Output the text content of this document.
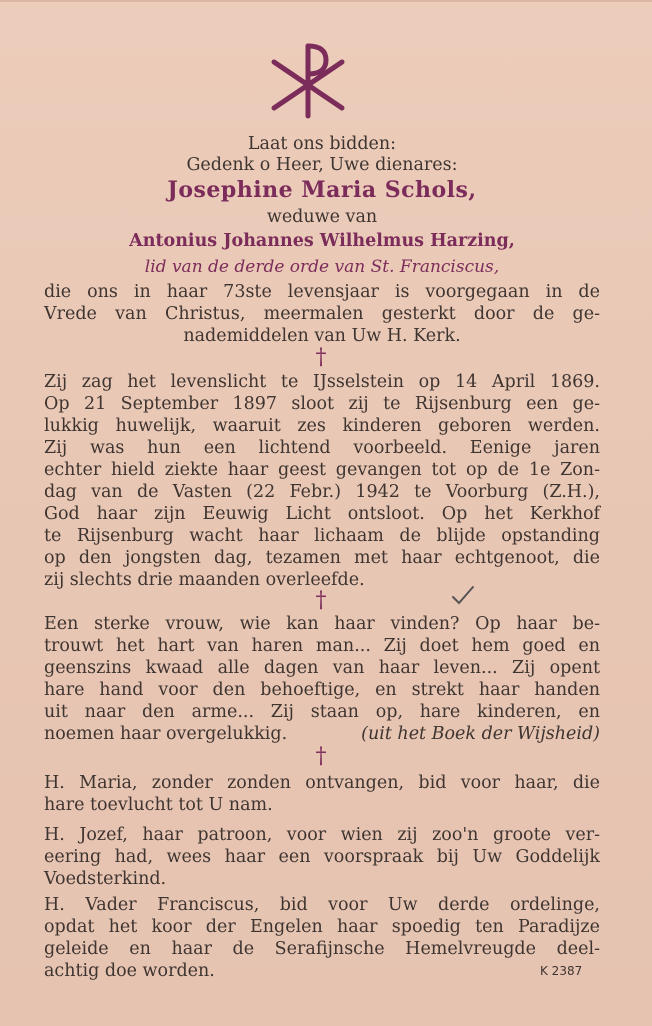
Laat ons bidden:
Gedenk o Heer, Uwe dienares:
Josephine Maria Schols,
weduwe van
Antonius Johannes Wilhelmus Harzing,
lid van de derde orde van St. Franciscus,
die ons in haar 73ste levensjaar is voorgegaan in de
Vrede van Christus, meermalen gesterkt door de ge-
nademiddelen van Uw H. Kerk.
†
Zij zag het levenslicht te IJsselstein op 14 April 1869.
Op 21 September 1897 sloot zij te Rijsenburg een ge-
lukkig huwelijk, waaruit zes kinderen geboren werden.
Zij was hun een lichtend voorbeeld. Eenige jaren
echter hield ziekte haar geest gevangen tot op de 1e Zon-
dag van de Vasten (22 Febr.) 1942 te Voorburg (Z.H.),
God haar zijn Eeuwig Licht ontsloot. Op het Kerkhof
te Rijsenburg wacht haar lichaam de blijde opstanding
op den jongsten dag, tezamen met haar echtgenoot, die
zij slechts drie maanden overleefde.
†
Een sterke vrouw, wie kan haar vinden? Op haar be-
trouwt het hart van haren man... Zij doet hem goed en
geenszins kwaad alle dagen van haar leven... Zij opent
hare hand voor den behoeftige, en strekt haar handen
uit naar den arme... Zij staan op, hare kinderen, en
noemen haar overgelukkig.	(uit het Boek der Wijsheid)
†
H. Maria, zonder zonden ontvangen, bid voor haar, die
hare toevlucht tot U nam.
H. Jozef, haar patroon, voor wien zij zoo'n groote ver-
eering had, wees haar een voorspraak bij Uw Goddelijk
Voedsterkind.
H. Vader Franciscus, bid voor Uw derde ordelinge,
opdat het koor der Engelen haar spoedig ten Paradijze
geleide en haar de Serafijnsche Hemelvreugde deel-
achtig doe worden.	K 2387
